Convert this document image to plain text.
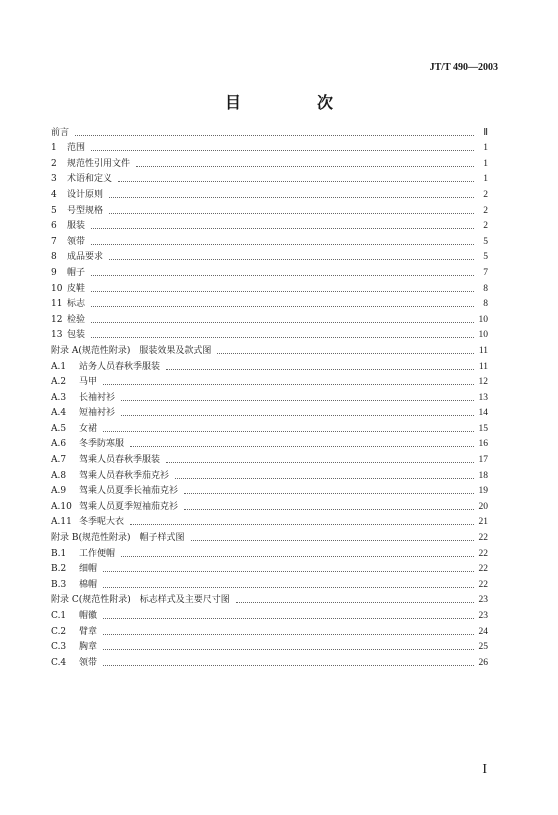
JT/T 490—2003
目　次
前言	Ⅱ
1	范围	1
2	规范性引用文件	1
3	术语和定义	1
4	设计原则	2
5	号型规格	2
6	服装	2
7	领带	5
8	成品要求	5
9	帽子	7
10 皮鞋	8
11 标志	8
12 检验	10
13 包装	10
附录 A(规范性附录)　服装效果及款式图	11
A.1	站务人员春秋季服装	11
A.2	马甲	12
A.3	长袖衬衫	13
A.4	短袖衬衫	14
A.5	女裙	15
A.6	冬季防寒服	16
A.7	驾乘人员春秋季服装	17
A.8	驾乘人员春秋季茄克衫	18
A.9	驾乘人员夏季长袖茄克衫	19
A.10 驾乘人员夏季短袖茄克衫	20
A.11 冬季呢大衣	21
附录 B(规范性附录)　帽子样式图	22
B.1	工作便帽	22
B.2	细帽	22
B.3	棉帽	22
附录 C(规范性附录)　标志样式及主要尺寸图	23
C.1	帽徽	23
C.2	臂章	24
C.3	胸章	25
C.4	领带	26
I
